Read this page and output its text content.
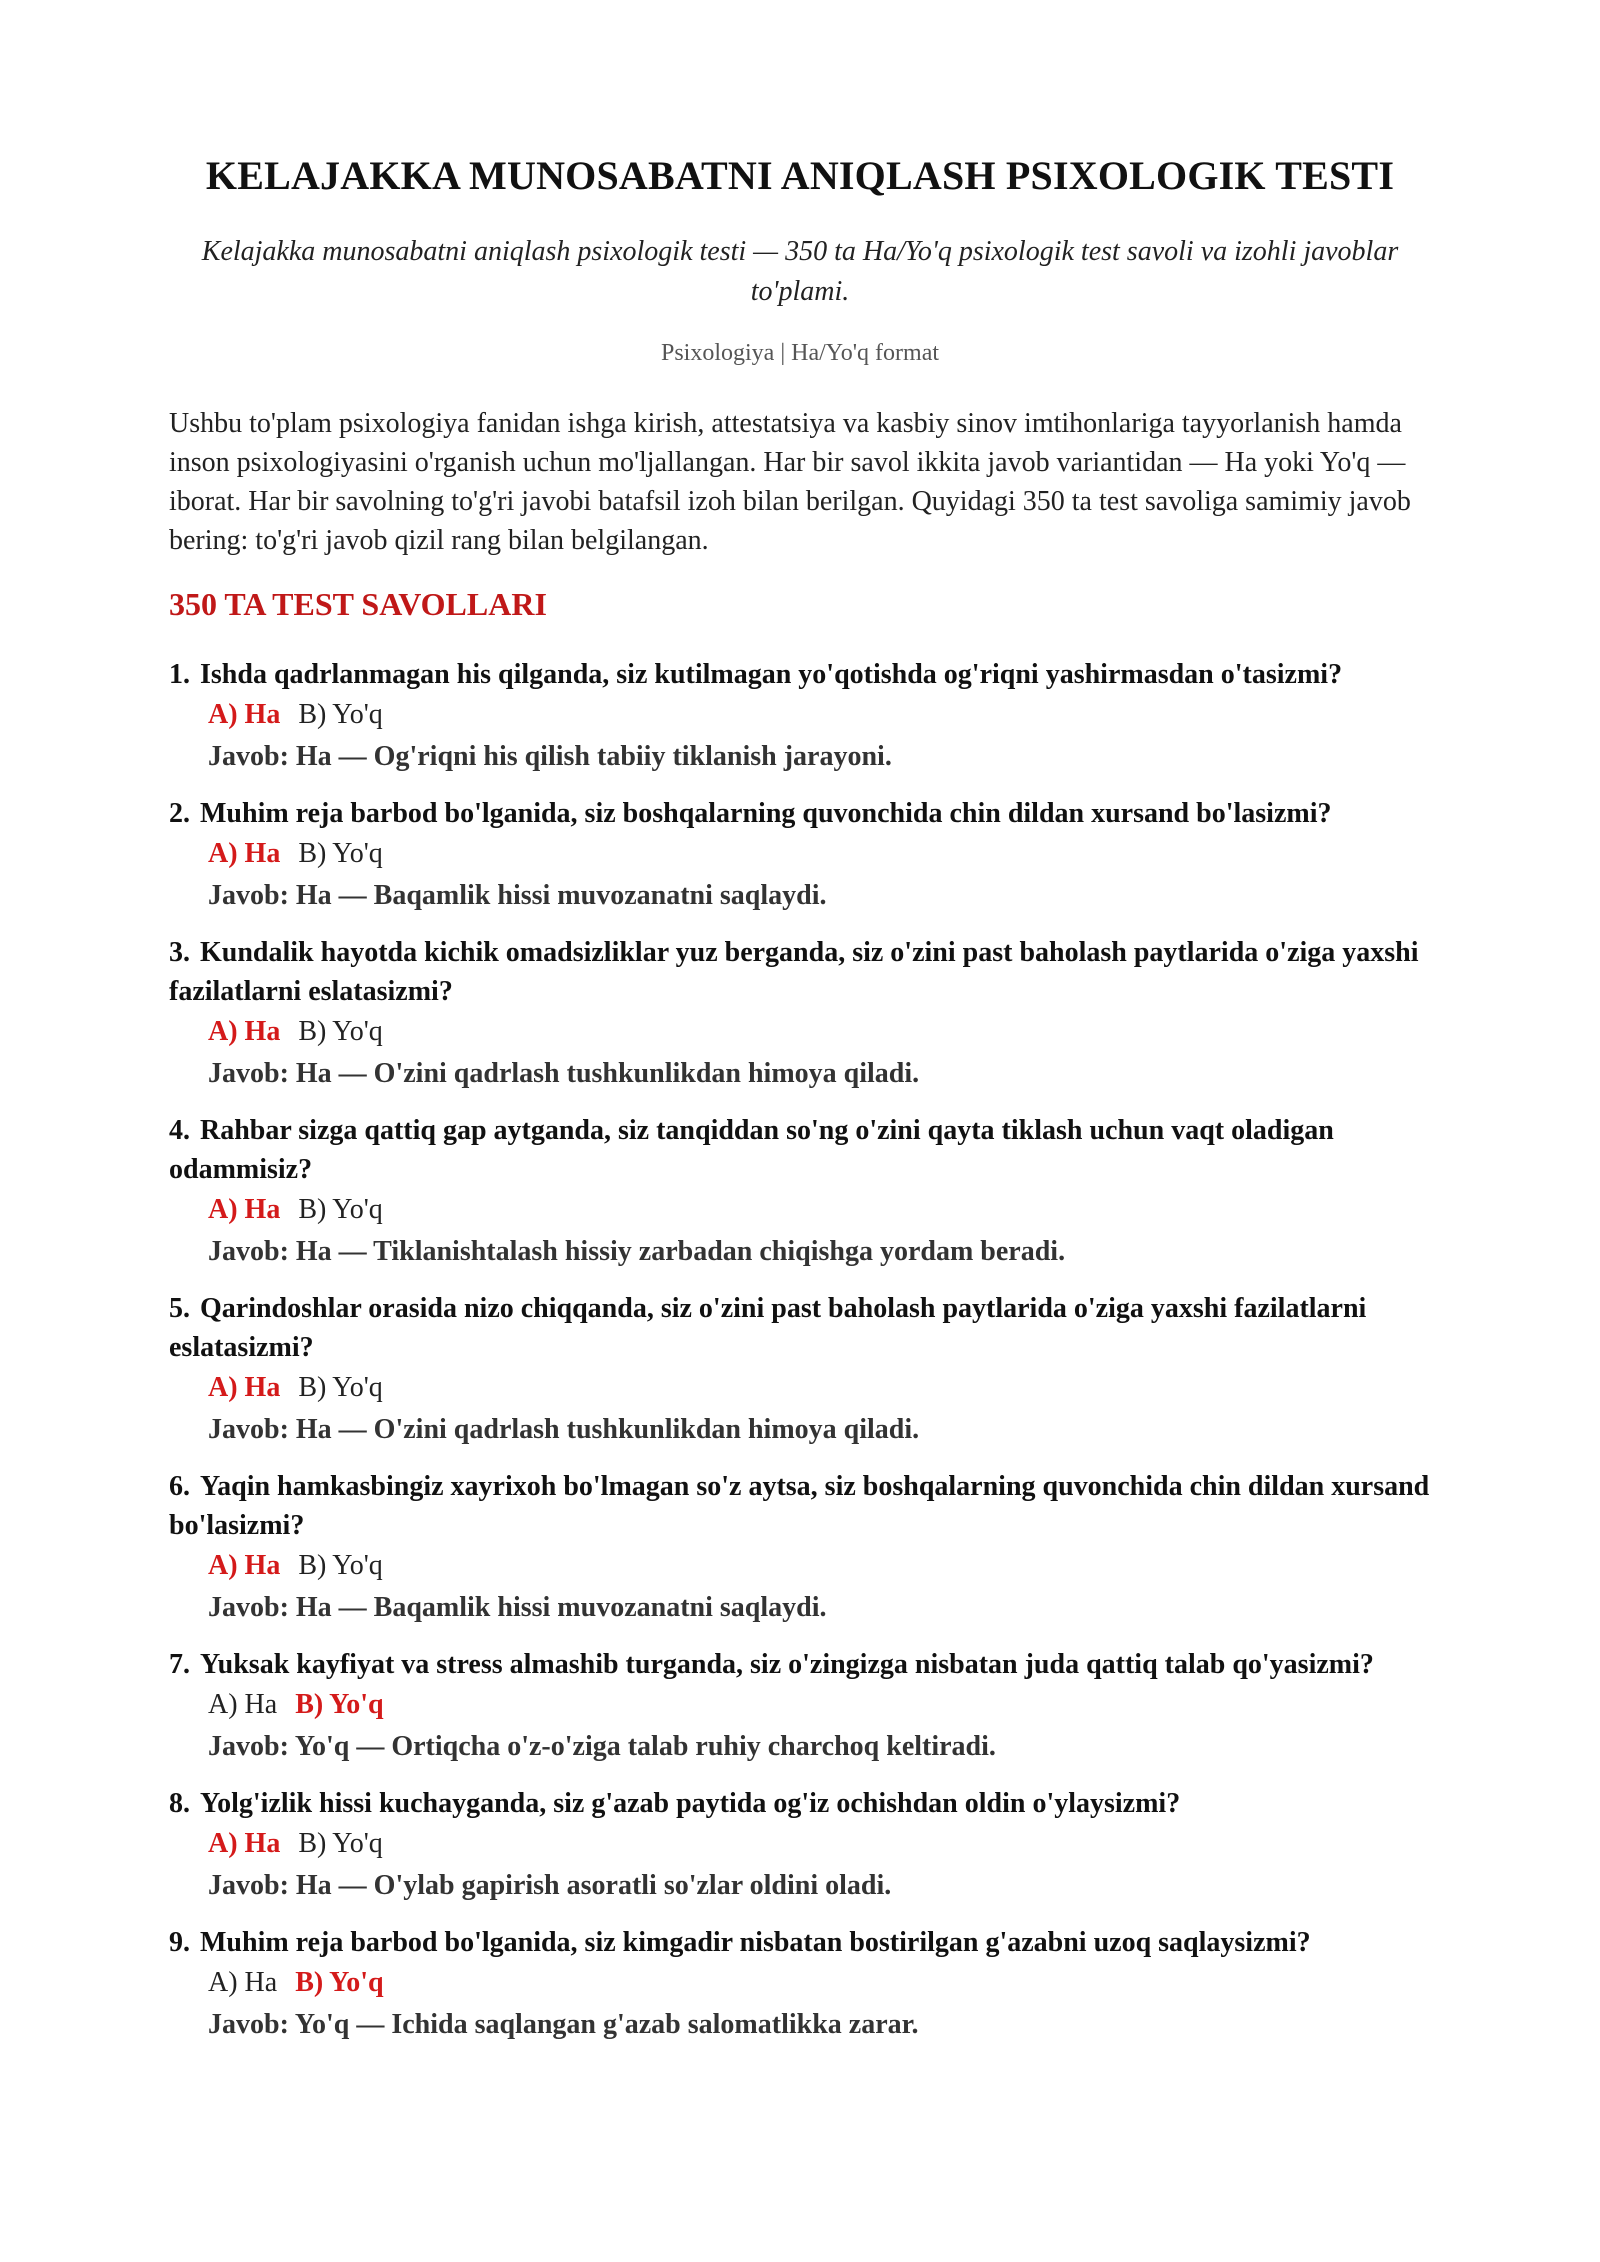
KELAJAKKA MUNOSABATNI ANIQLASH PSIXOLOGIK TESTI
Kelajakka munosabatni aniqlash psixologik testi — 350 ta Ha/Yo'q psixologik test savoli va izohli javoblar to'plami.
Psixologiya | Ha/Yo'q format
Ushbu to'plam psixologiya fanidan ishga kirish, attestatsiya va kasbiy sinov imtihonlariga tayyorlanish hamda inson psixologiyasini o'rganish uchun mo'ljallangan. Har bir savol ikkita javob variantidan — Ha yoki Yo'q — iborat. Har bir savolning to'g'ri javobi batafsil izoh bilan berilgan. Quyidagi 350 ta test savoliga samimiy javob bering: to'g'ri javob qizil rang bilan belgilangan.
350 TA TEST SAVOLLARI
1. Ishda qadrlanmagan his qilganda, siz kutilmagan yo'qotishda og'riqni yashirmasdan o'tasizmi?
A) Ha B) Yo'q
Javob: Ha — Og'riqni his qilish tabiiy tiklanish jarayoni.
2. Muhim reja barbod bo'lganida, siz boshqalarning quvonchida chin dildan xursand bo'lasizmi?
A) Ha B) Yo'q
Javob: Ha — Baqamlik hissi muvozanatni saqlaydi.
3. Kundalik hayotda kichik omadsizliklar yuz berganda, siz o'zini past baholash paytlarida o'ziga yaxshi fazilatlarni eslatasizmi?
A) Ha B) Yo'q
Javob: Ha — O'zini qadrlash tushkunlikdan himoya qiladi.
4. Rahbar sizga qattiq gap aytganda, siz tanqiddan so'ng o'zini qayta tiklash uchun vaqt oladigan odammisiz?
A) Ha B) Yo'q
Javob: Ha — Tiklanishtalash hissiy zarbadan chiqishga yordam beradi.
5. Qarindoshlar orasida nizo chiqqanda, siz o'zini past baholash paytlarida o'ziga yaxshi fazilatlarni eslatasizmi?
A) Ha B) Yo'q
Javob: Ha — O'zini qadrlash tushkunlikdan himoya qiladi.
6. Yaqin hamkasbingiz xayrixoh bo'lmagan so'z aytsa, siz boshqalarning quvonchida chin dildan xursand bo'lasizmi?
A) Ha B) Yo'q
Javob: Ha — Baqamlik hissi muvozanatni saqlaydi.
7. Yuksak kayfiyat va stress almashib turganda, siz o'zingizga nisbatan juda qattiq talab qo'yasizmi?
A) Ha B) Yo'q
Javob: Yo'q — Ortiqcha o'z-o'ziga talab ruhiy charchoq keltiradi.
8. Yolg'izlik hissi kuchayganda, siz g'azab paytida og'iz ochishdan oldin o'ylaysizmi?
A) Ha B) Yo'q
Javob: Ha — O'ylab gapirish asoratli so'zlar oldini oladi.
9. Muhim reja barbod bo'lganida, siz kimgadir nisbatan bostirilgan g'azabni uzoq saqlaysizmi?
A) Ha B) Yo'q
Javob: Yo'q — Ichida saqlangan g'azab salomatlikka zarar.
